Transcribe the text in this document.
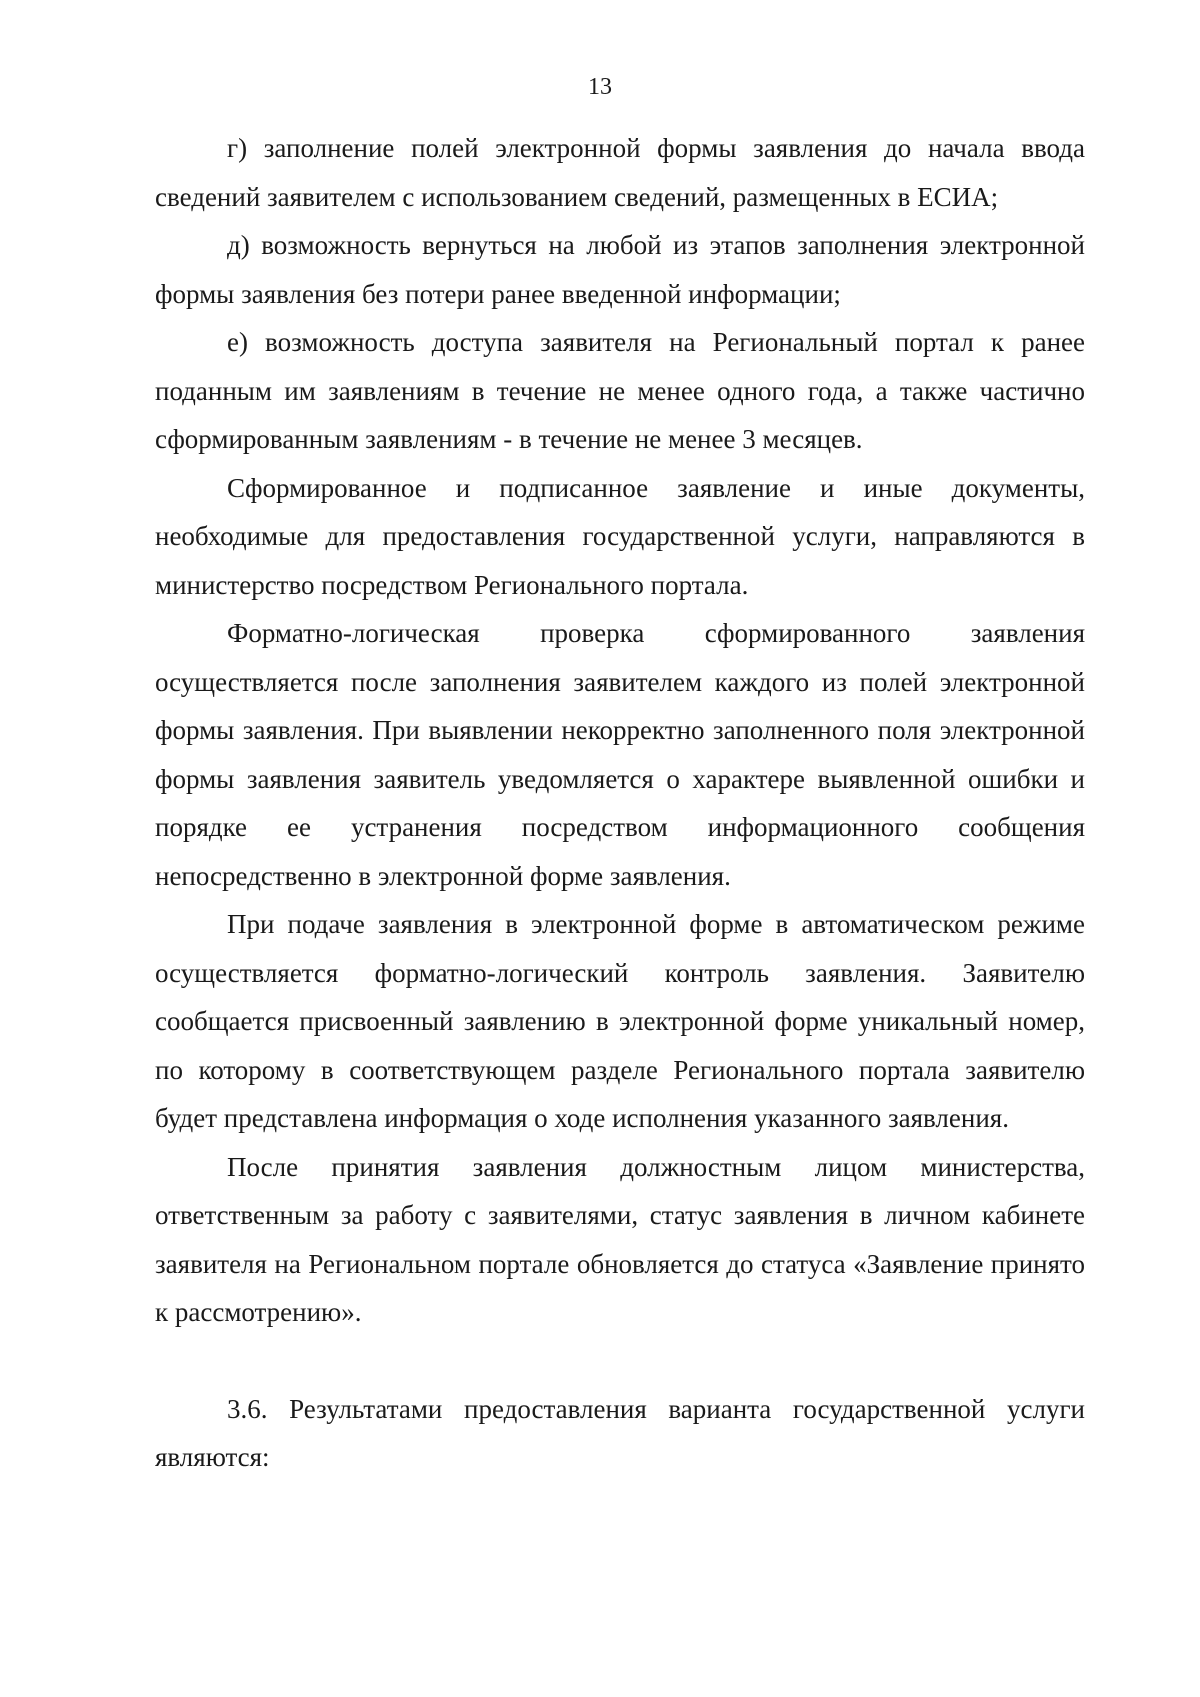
13

г) заполнение полей электронной формы заявления до начала ввода сведений заявителем с использованием сведений, размещенных в ЕСИА;

д) возможность вернуться на любой из этапов заполнения электронной формы заявления без потери ранее введенной информации;

е) возможность доступа заявителя на Региональный портал к ранее поданным им заявлениям в течение не менее одного года, а также частично сформированным заявлениям - в течение не менее 3 месяцев.

Сформированное и подписанное заявление и иные документы, необходимые для предоставления государственной услуги, направляются в министерство посредством Регионального портала.

Форматно-логическая проверка сформированного заявления осуществляется после заполнения заявителем каждого из полей электронной формы заявления. При выявлении некорректно заполненного поля электронной формы заявления заявитель уведомляется о характере выявленной ошибки и порядке ее устранения посредством информационного сообщения непосредственно в электронной форме заявления.

При подаче заявления в электронной форме в автоматическом режиме осуществляется форматно-логический контроль заявления. Заявителю сообщается присвоенный заявлению в электронной форме уникальный номер, по которому в соответствующем разделе Регионального портала заявителю будет представлена информация о ходе исполнения указанного заявления.

После принятия заявления должностным лицом министерства, ответственным за работу с заявителями, статус заявления в личном кабинете заявителя на Региональном портале обновляется до статуса «Заявление принято к рассмотрению».

3.6. Результатами предоставления варианта государственной услуги являются:
